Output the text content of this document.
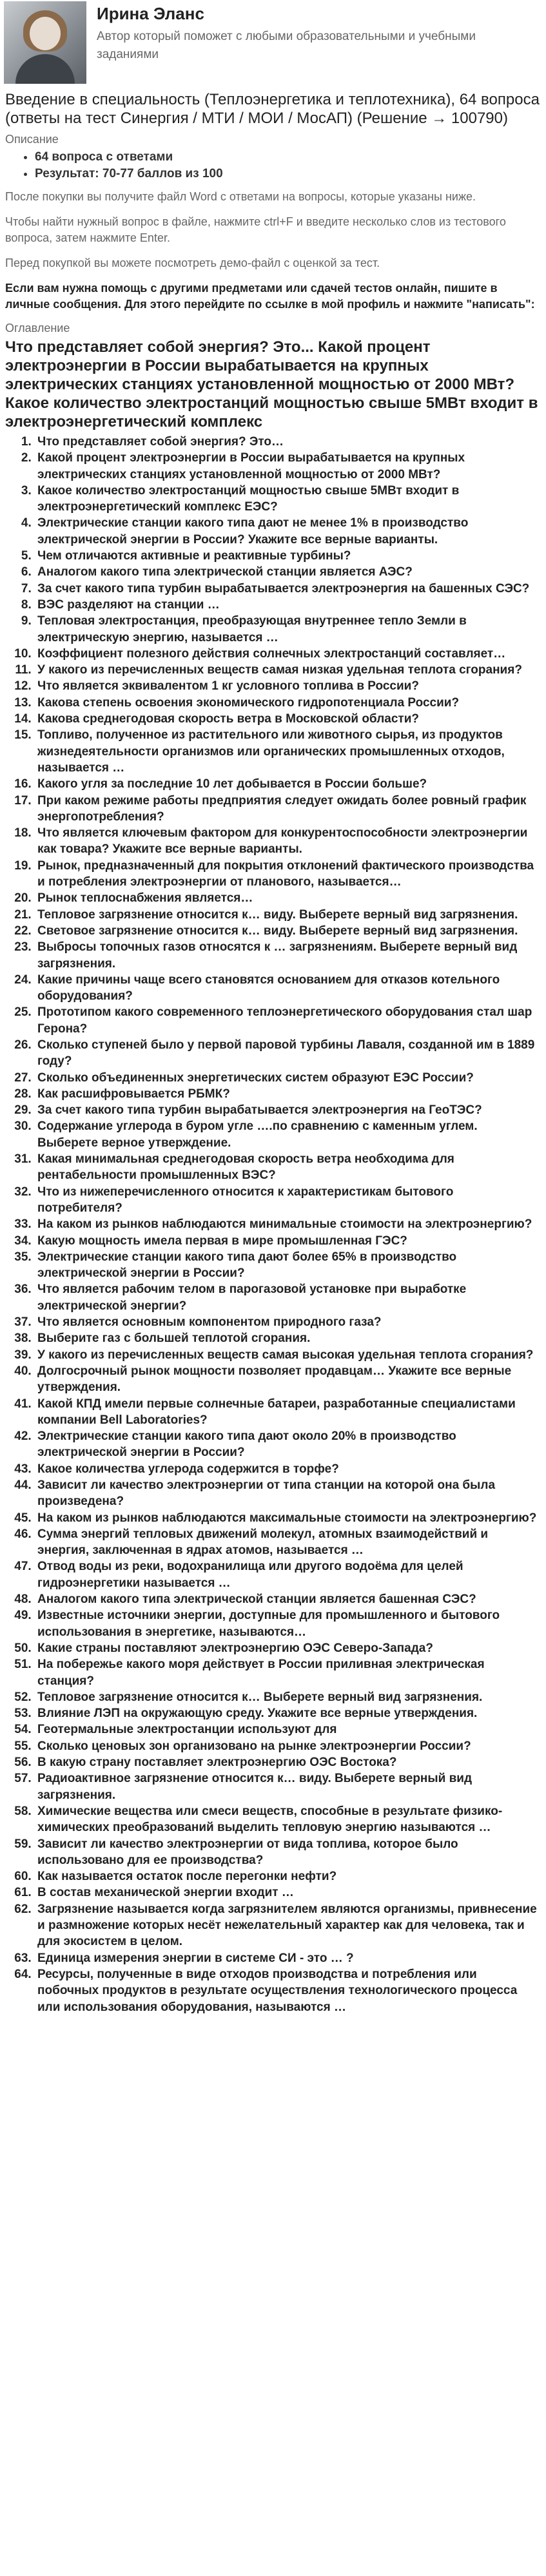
Ирина Эланс
Автор который поможет с любыми образовательными и учебными заданиями
Введение в специальность (Теплоэнергетика и теплотехника), 64 вопроса (ответы на тест Синергия / МТИ / МОИ / МосАП) (Решение → 100790)
Описание
• 64 вопроса с ответами
• Результат: 70-77 баллов из 100
После покупки вы получите файл Word с ответами на вопросы, которые указаны ниже.
Чтобы найти нужный вопрос в файле, нажмите ctrl+F и введите несколько слов из тестового вопроса, затем нажмите Enter.
Перед покупкой вы можете посмотреть демо-файл с оценкой за тест.
Если вам нужна помощь с другими предметами или сдачей тестов онлайн, пишите в личные сообщения. Для этого перейдите по ссылке в мой профиль и нажмите "написать":
Оглавление
Что представляет собой энергия? Это... Какой процент электроэнергии в России вырабатывается на крупных электрических станциях установленной мощностью от 2000 МВт? Какое количество электростанций мощностью свыше 5МВт входит в электроэнергетический комплекс
1. Что представляет собой энергия? Это…
2. Какой процент электроэнергии в России вырабатывается на крупных электрических станциях установленной мощностью от 2000 МВт?
3. Какое количество электростанций мощностью свыше 5МВт входит в электроэнергетический комплекс ЕЭС?
4. Электрические станции какого типа дают не менее 1% в производство электрической энергии в России? Укажите все верные варианты.
5. Чем отличаются активные и реактивные турбины?
6. Аналогом какого типа электрической станции является АЭС?
7. За счет какого типа турбин вырабатывается электроэнергия на башенных СЭС?
8. ВЭС разделяют на станции …
9. Тепловая электростанция, преобразующая внутреннее тепло Земли в электрическую энергию, называется …
10. Коэффициент полезного действия солнечных электростанций составляет…
11. У какого из перечисленных веществ самая низкая удельная теплота сгорания?
12. Что является эквивалентом 1 кг условного топлива в России?
13. Какова степень освоения экономического гидропотенциала России?
14. Какова среднегодовая скорость ветра в Московской области?
15. Топливо, полученное из растительного или животного сырья, из продуктов жизнедеятельности организмов или органических промышленных отходов, называется …
16. Какого угля за последние 10 лет добывается в России больше?
17. При каком режиме работы предприятия следует ожидать более ровный график энергопотребления?
18. Что является ключевым фактором для конкурентоспособности электроэнергии как товара? Укажите все верные варианты.
19. Рынок, предназначенный для покрытия отклонений фактического производства и потребления электроэнергии от планового, называется…
20. Рынок теплоснабжения является…
21. Тепловое загрязнение относится к… виду. Выберете верный вид загрязнения.
22. Световое загрязнение относится к… виду. Выберете верный вид загрязнения.
23. Выбросы топочных газов относятся к … загрязнениям. Выберете верный вид загрязнения.
24. Какие причины чаще всего становятся основанием для отказов котельного оборудования?
25. Прототипом какого современного теплоэнергетического оборудования стал шар Герона?
26. Сколько ступеней было у первой паровой турбины Лаваля, созданной им в 1889 году?
27. Сколько объединенных энергетических систем образуют ЕЭС России?
28. Как расшифровывается РБМК?
29. За счет какого типа турбин вырабатывается электроэнергия на ГеоТЭС?
30. Содержание углерода в буром угле ….по сравнению с каменным углем. Выберете верное утверждение.
31. Какая минимальная среднегодовая скорость ветра необходима для рентабельности промышленных ВЭС?
32. Что из нижеперечисленного относится к характеристикам бытового потребителя?
33. На каком из рынков наблюдаются минимальные стоимости на электроэнергию?
34. Какую мощность имела первая в мире промышленная ГЭС?
35. Электрические станции какого типа дают более 65% в производство электрической энергии в России?
36. Что является рабочим телом в парогазовой установке при выработке электрической энергии?
37. Что является основным компонентом природного газа?
38. Выберите газ с большей теплотой сгорания.
39. У какого из перечисленных веществ самая высокая удельная теплота сгорания?
40. Долгосрочный рынок мощности позволяет продавцам… Укажите все верные утверждения.
41. Какой КПД имели первые солнечные батареи, разработанные специалистами компании Bell Laboratories?
42. Электрические станции какого типа дают около 20% в производство электрической энергии в России?
43. Какое количества углерода содержится в торфе?
44. Зависит ли качество электроэнергии от типа станции на которой она была произведена?
45. На каком из рынков наблюдаются максимальные стоимости на электроэнергию?
46. Сумма энергий тепловых движений молекул, атомных взаимодействий и энергия, заключенная в ядрах атомов, называется …
47. Отвод воды из реки, водохранилища или другого водоёма для целей гидроэнергетики называется …
48. Аналогом какого типа электрической станции является башенная СЭС?
49. Известные источники энергии, доступные для промышленного и бытового использования в энергетике, называются…
50. Какие страны поставляют электроэнергию ОЭС Северо-Запада?
51. На побережье какого моря действует в России приливная электрическая станция?
52. Тепловое загрязнение относится к… Выберете верный вид загрязнения.
53. Влияние ЛЭП на окружающую среду. Укажите все верные утверждения.
54. Геотермальные электростанции используют для
55. Сколько ценовых зон организовано на рынке электроэнергии России?
56. В какую страну поставляет электроэнергию ОЭС Востока?
57. Радиоактивное загрязнение относится к… виду. Выберете верный вид загрязнения.
58. Химические вещества или смеси веществ, способные в результате физико-химических преобразований выделить тепловую энергию называются …
59. Зависит ли качество электроэнергии от вида топлива, которое было использовано для ее производства?
60. Как называется остаток после перегонки нефти?
61. В состав механической энергии входит …
62. Загрязнение называется когда загрязнителем являются организмы, привнесение и размножение которых несёт нежелательный характер как для человека, так и для экосистем в целом.
63. Единица измерения энергии в системе СИ - это … ?
64. Ресурсы, полученные в виде отходов производства и потребления или побочных продуктов в результате осуществления технологического процесса или использования оборудования, называются …
